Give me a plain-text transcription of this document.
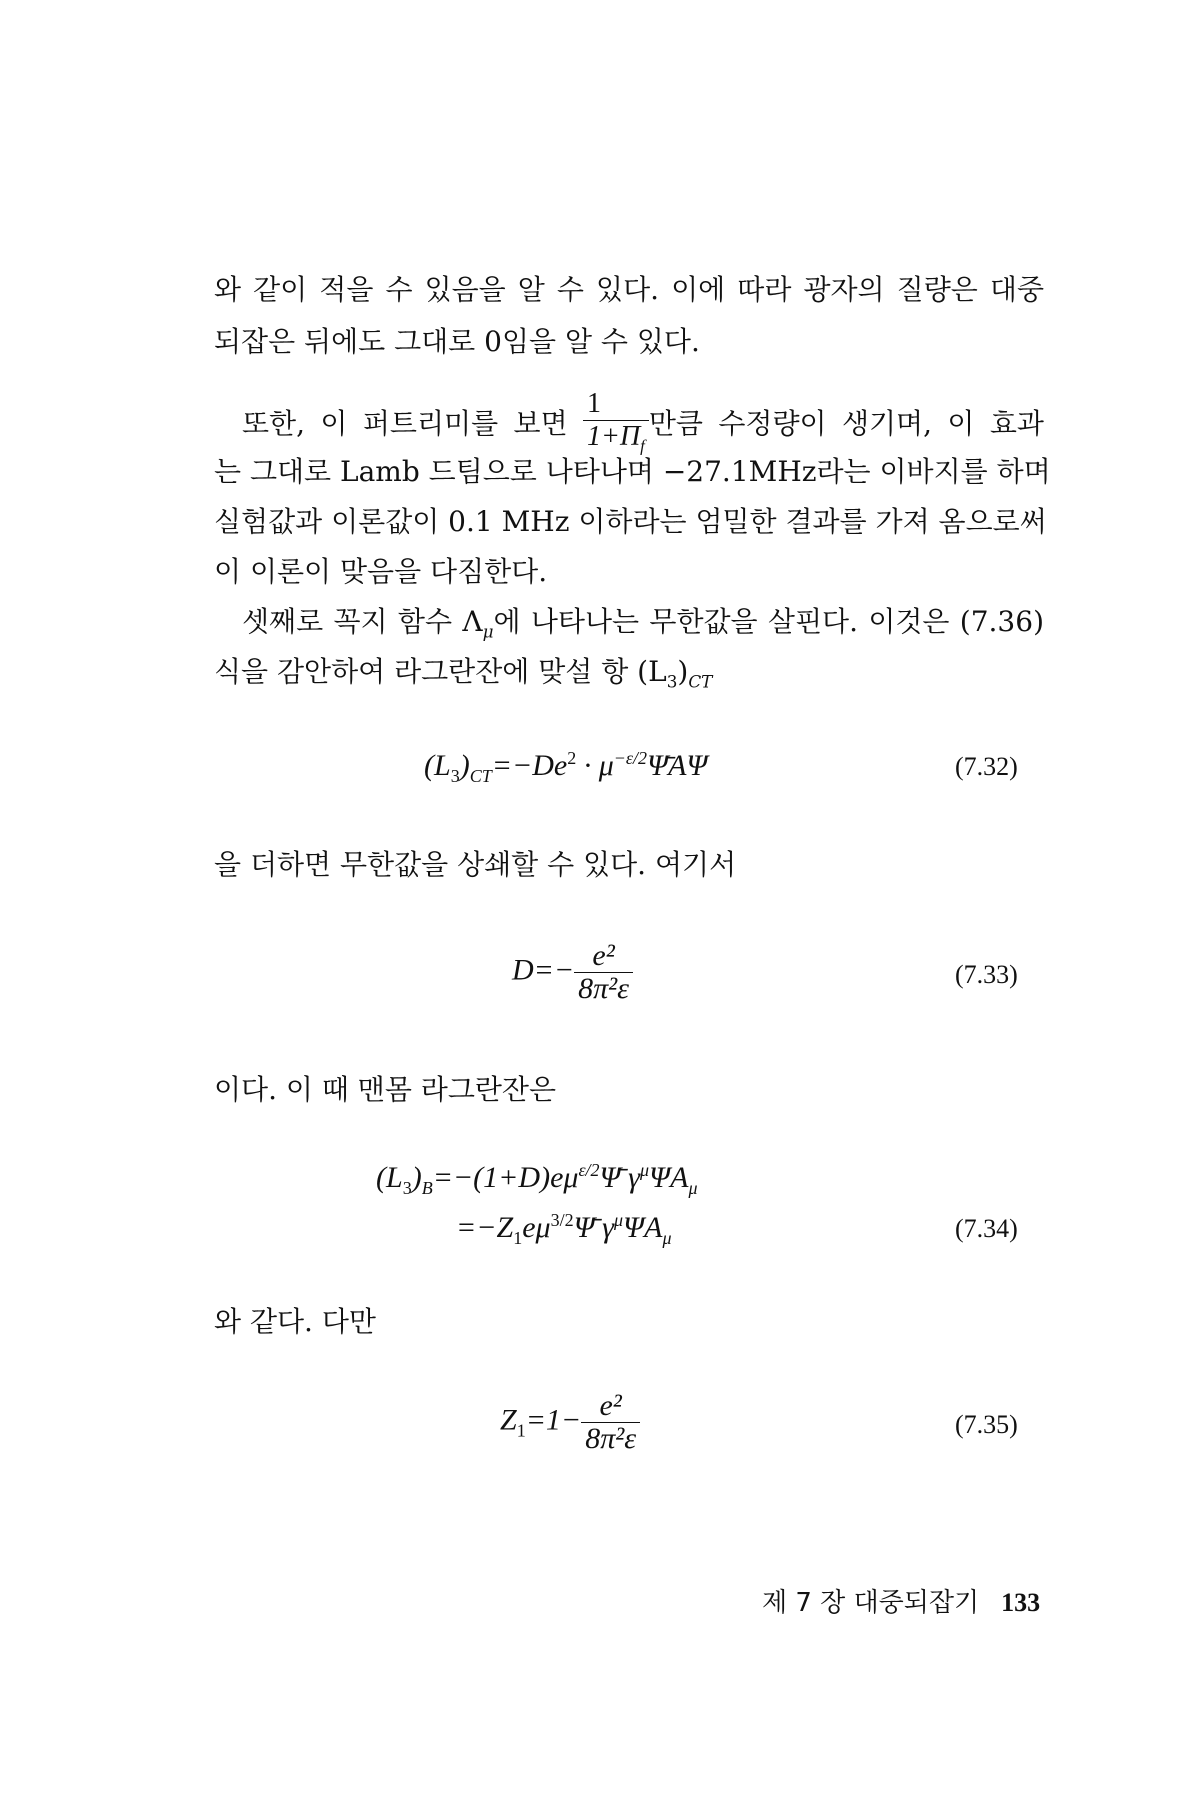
와 같이 적을 수 있음을 알 수 있다. 이에 따라 광자의 질량은 대중
되잡은 뒤에도 그대로 0임을 알 수 있다.
또한, 이 퍼트리미를 보면 $\frac{1}{1+\Pi_f}$ 만큼 수정량이 생기며, 이 효과
는 그대로 Lamb 드팀으로 나타나며 −27.1MHz라는 이바지를 하며
실험값과 이론값이 0.1 MHz 이하라는 엄밀한 결과를 가져 옴으로써
이 이론이 맞음을 다짐한다.
셋째로 꼭지 함수 $\Lambda_\mu$에 나타나는 무한값을 살핀다. 이것은 (7.36)
식을 감안하여 라그란잔에 맞설 항 $(L_3)_{CT}$
$(L_3)_{CT}=-De^2$ · $\mu^{-\varepsilon/2}\PsīA\Psi$	(7.32)
을 더하면 무한값을 상쇄할 수 있다. 여기서
$D=- \frac{\text{e²}}{\text{8π²ε}}$	(7.33)
이다. 이 때 맨몸 라그란잔은
$(L_3)_B=-(1+D)e\mu^{\varepsilon/2}\Psī$ $\gamma^\mu\Psi A_\mu$
$=-Z_1e\mu^{3/2}\Psī$ $\gamma^\mu\Psi A_\mu$	(7.34)
와 같다. 다만
$Z_1=1- \frac{\text{e²}}{\text{8π²ε}}$	(7.35)
제 7 장 대중되잡기 133
